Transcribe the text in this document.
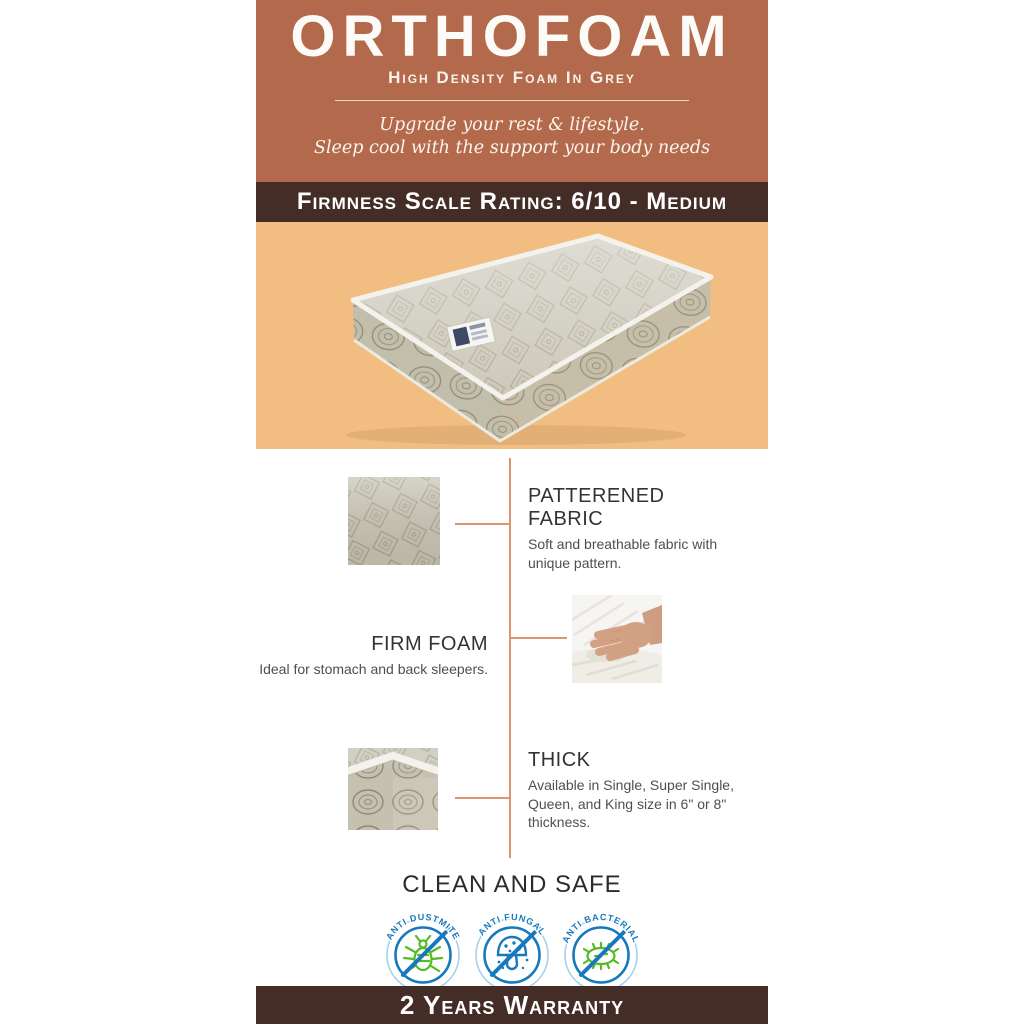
ORTHOFOAM
High Density Foam In Grey
Upgrade your rest & lifestyle.
Sleep cool with the support your body needs
Firmness Scale Rating: 6/10 - Medium
PATTERENED FABRIC

Soft and breathable fabric with unique pattern.

FIRM FOAM

Ideal for stomach and back sleepers.

THICK

Available in Single, Super Single, Queen, and King size in 6" or 8" thickness.

CLEAN AND SAFE
ANTI DUSTMITE ANTI FUNGAL
ANTI BACTERIAL
2 Years Warranty
